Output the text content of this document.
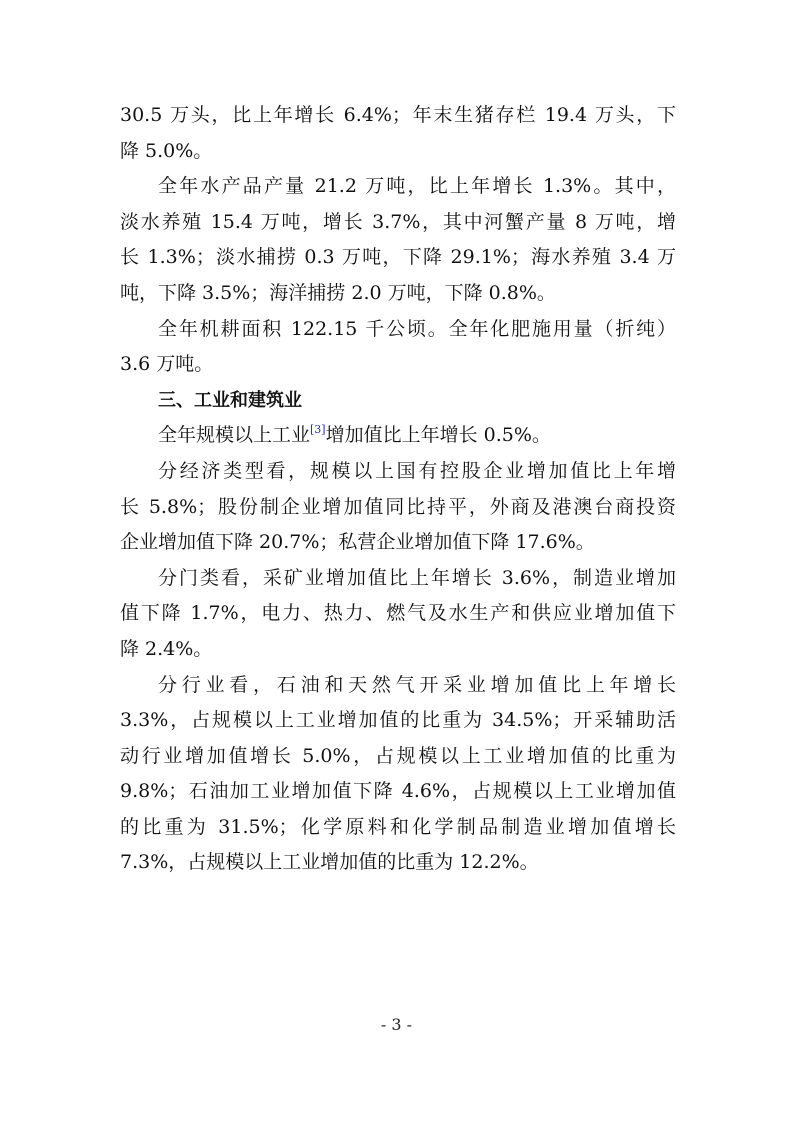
30.5 万头，比上年增长 6.4%；年末生猪存栏 19.4 万头，下
降 5.0%。

全年水产品产量 21.2 万吨，比上年增长 1.3%。其中，
淡水养殖 15.4 万吨，增长 3.7%，其中河蟹产量 8 万吨，增
长 1.3%；淡水捕捞 0.3 万吨，下降 29.1%；海水养殖 3.4 万
吨，下降 3.5%；海洋捕捞 2.0 万吨，下降 0.8%。

全年机耕面积 122.15 千公顷。全年化肥施用量（折纯）
3.6 万吨。

三、工业和建筑业

全年规模以上工业[3]增加值比上年增长 0.5%。

分经济类型看，规模以上国有控股企业增加值比上年增
长 5.8%；股份制企业增加值同比持平，外商及港澳台商投资
企业增加值下降 20.7%；私营企业增加值下降 17.6%。

分门类看，采矿业增加值比上年增长 3.6%，制造业增加
值下降 1.7%，电力、热力、燃气及水生产和供应业增加值下
降 2.4%。

分行业看，石油和天然气开采业增加值比上年增长
3.3%，占规模以上工业增加值的比重为 34.5%；开采辅助活
动行业增加值增长 5.0%，占规模以上工业增加值的比重为
9.8%；石油加工业增加值下降 4.6%，占规模以上工业增加值
的比重为 31.5%；化学原料和化学制品制造业增加值增长
7.3%，占规模以上工业增加值的比重为 12.2%。

- 3 -
